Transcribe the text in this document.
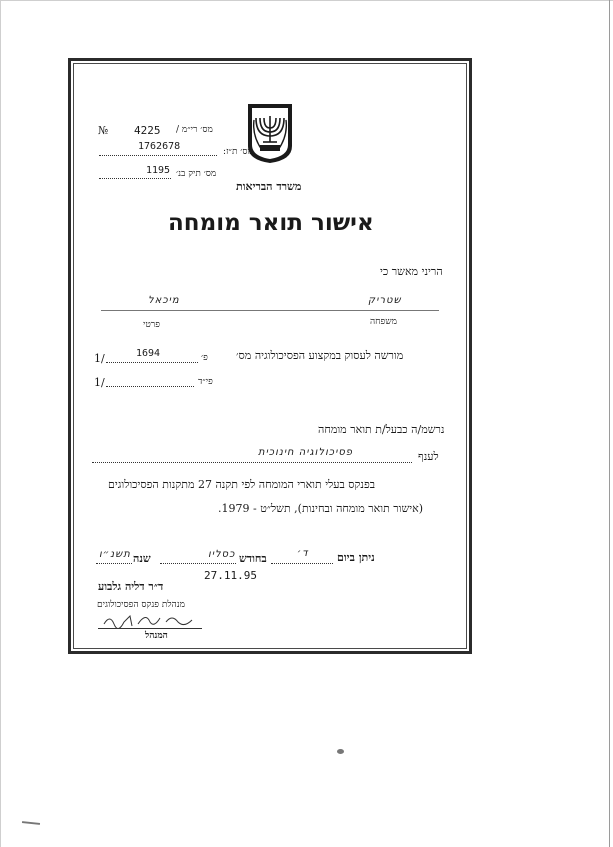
№ 4225 מס׳ רי״מ /
1762678	מס׳ ת״ז:
1195 מס׳ תיק בנ׳
משרד הבריאות
אישור תואר מומחה
הריני מאשר כי
מיכאל	שטריק
פרטי	משפחה
1/	1694	פ׳	מורשה לעסוק במקצוע הפסיכולוגיה מס׳
1/	פי״ד
נרשמ/ה כבעל/ת תואר מומחה
פסיכולוגיה חינוכית	לענף
בפנקס בעלי תוארי המומחה לפי תקנה 27 מתקנות הפסיכולוגים
(אישור תואר מומחה ובחינות), תשל״ט - 1979.
תשנ״ו שנה	כסליו בחודש	ד׳	ניתן ביום
27.11.95
ד״ר דליה גלבוע
מנהלת פנקס הפסיכולוגים
המנהל
